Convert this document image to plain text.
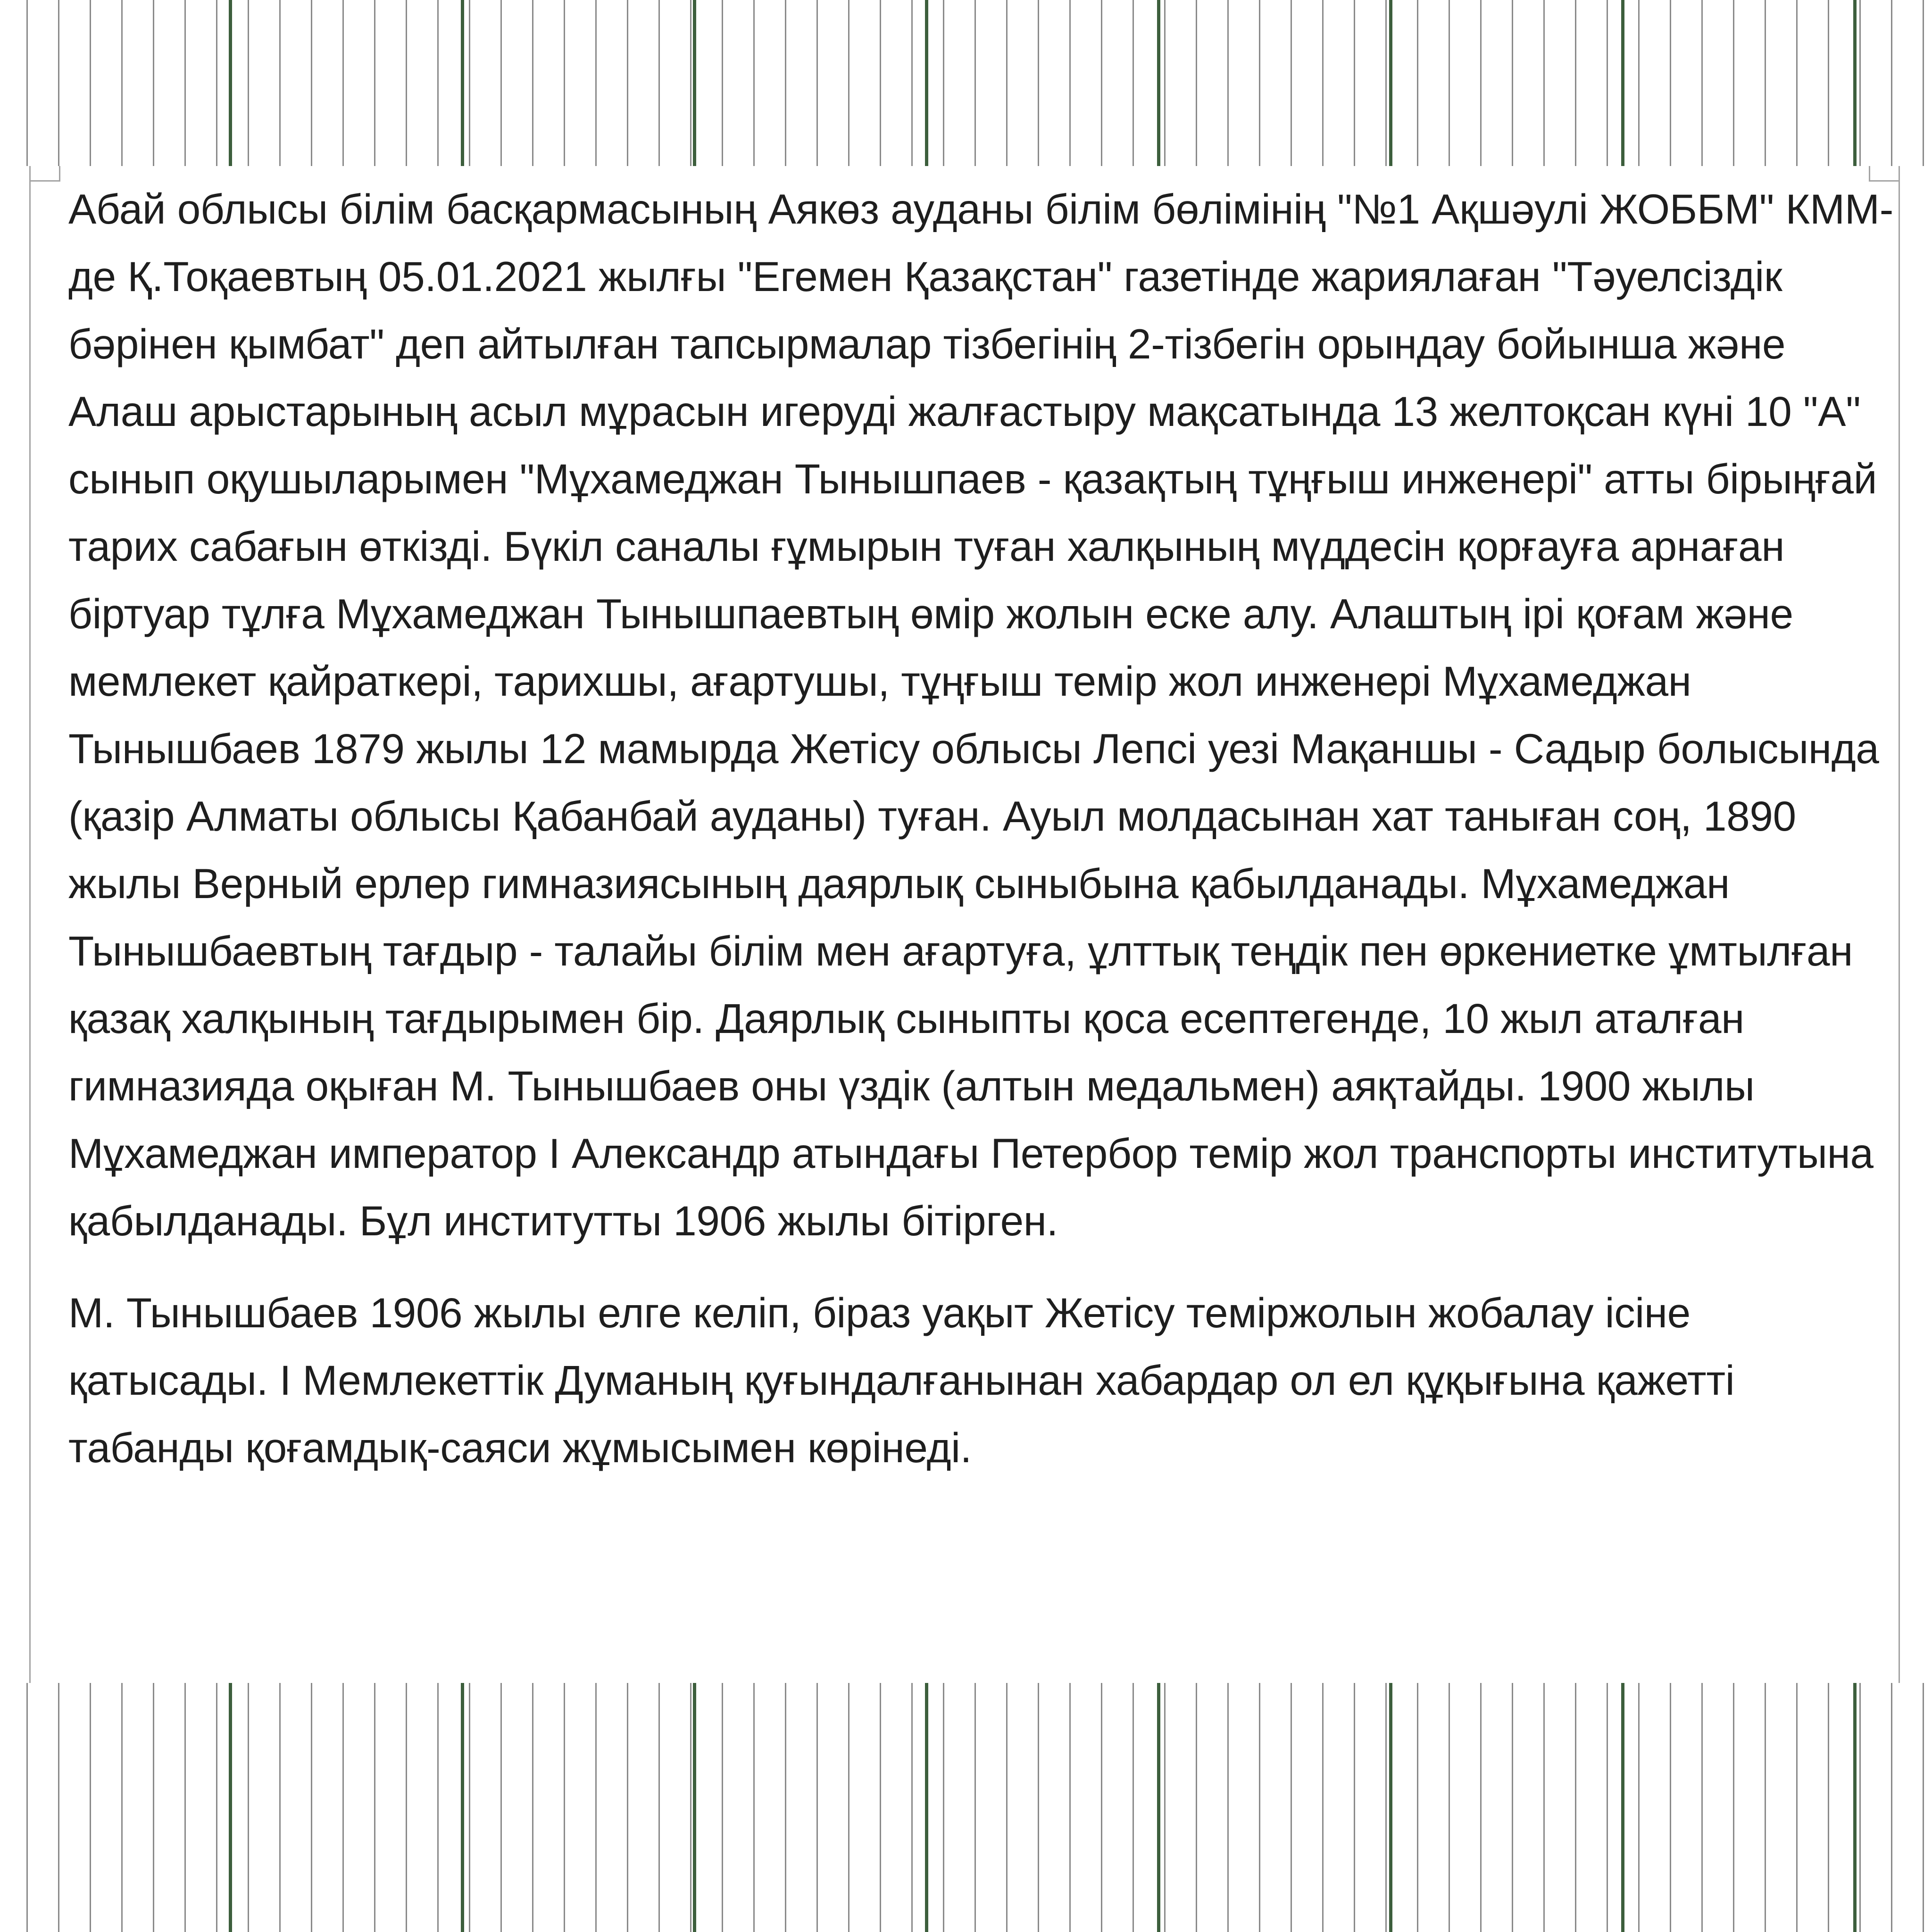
Абай облысы білім басқармасының Аякөз ауданы білім бөлімінің "№1 Ақшәулі ЖОББМ" КММ-де Қ.Тоқаевтың 05.01.2021 жылғы "Егемен Қазақстан" газетінде жариялаған "Тәуелсіздік бәрінен қымбат" деп айтылған тапсырмалар тізбегінің 2-тізбегін орындау бойынша және Алаш арыстарының асыл мұрасын игеруді жалғастыру мақсатында 13 желтоқсан күні 10 "А" сынып оқушыларымен "Мұхамеджан Тынышпаев - қазақтың тұңғыш инженері" атты бірыңғай тарих сабағын өткізді. Бүкіл саналы ғұмырын туған халқының мүддесін қорғауға арнаған біртуар тұлға Мұхамеджан Тынышпаевтың өмір жолын еске алу. Алаштың ірі қоғам және мемлекет қайраткері, тарихшы, ағартушы, тұңғыш темір жол инженері Мұхамеджан Тынышбаев 1879 жылы 12 мамырда Жетісу облысы Лепсі уезі Мақаншы - Садыр болысында (қазір Алматы облысы Қабанбай ауданы) туған. Ауыл молдасынан хат таныған соң, 1890 жылы Верный ерлер гимназиясының даярлық сыныбына қабылданады. Мұхамеджан Тынышбаевтың тағдыр - талайы білім мен ағартуға, ұлттық теңдік пен өркениетке ұмтылған қазақ халқының тағдырымен бір. Даярлық сыныпты қоса есептегенде, 10 жыл аталған гимназияда оқыған М. Тынышбаев оны үздік (алтын медальмен) аяқтайды. 1900 жылы Мұхамеджан император І Александр атындағы Петербор темір жол транспорты институтына қабылданады. Бұл институтты 1906 жылы бітірген.

М. Тынышбаев 1906 жылы елге келіп, біраз уақыт Жетісу теміржолын жобалау ісіне қатысады. І Мемлекеттік Думаның қуғындалғанынан хабардар ол ел құқығына қажетті табанды қоғамдық-саяси жұмысымен көрінеді.
